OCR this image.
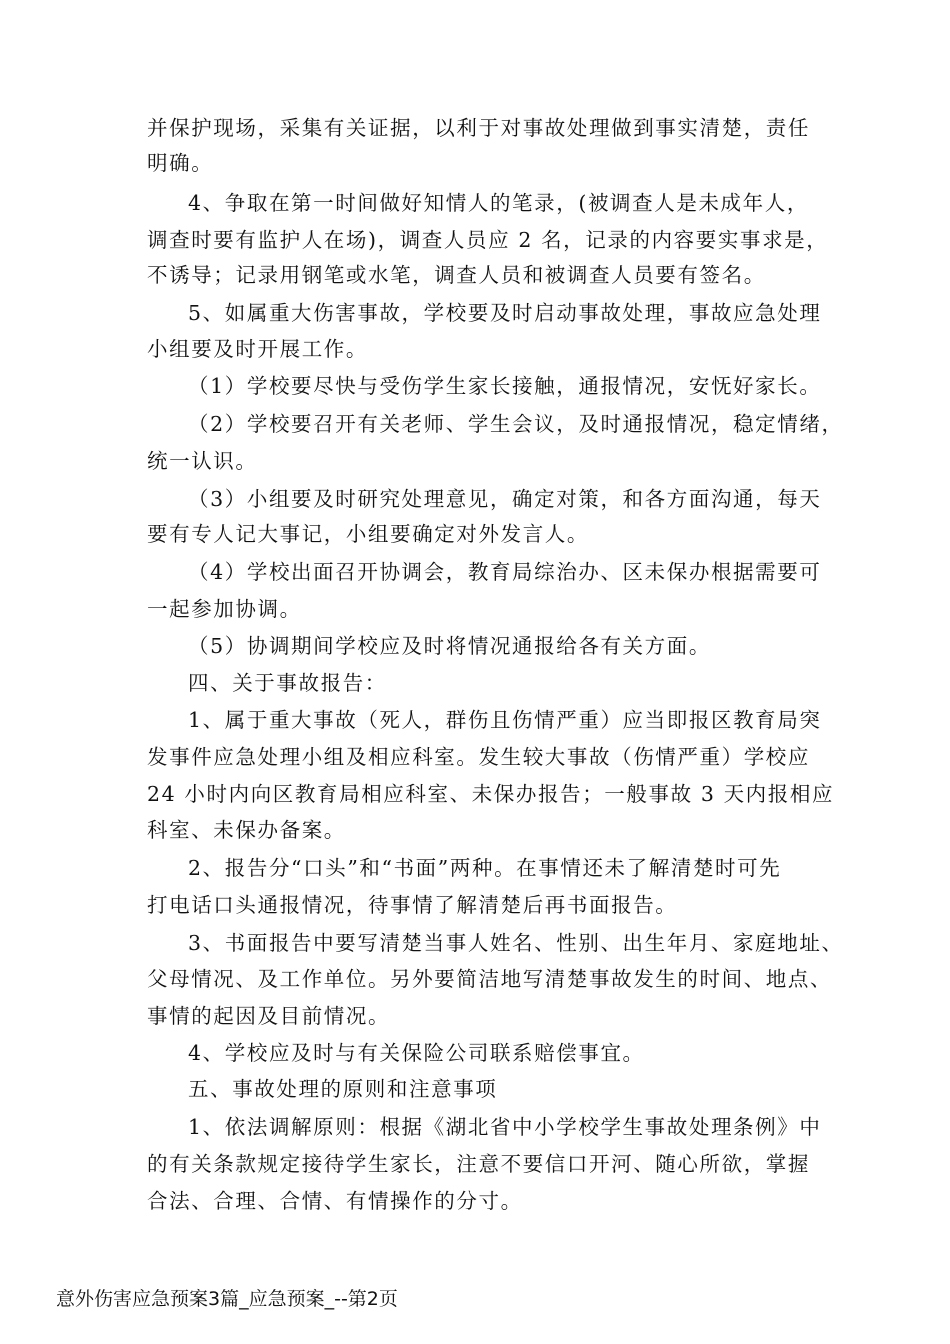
并保护现场，采集有关证据，以利于对事故处理做到事实清楚，责任
明确。
4、争取在第一时间做好知情人的笔录，(被调查人是未成年人，
调查时要有监护人在场)，调查人员应 2 名，记录的内容要实事求是，
不诱导；记录用钢笔或水笔，调查人员和被调查人员要有签名。
5、如属重大伤害事故，学校要及时启动事故处理，事故应急处理
小组要及时开展工作。
（1）学校要尽快与受伤学生家长接触，通报情况，安怃好家长。
（2）学校要召开有关老师、学生会议，及时通报情况，稳定情绪，
统一认识。
（3）小组要及时研究处理意见，确定对策，和各方面沟通，每天
要有专人记大事记，小组要确定对外发言人。
（4）学校出面召开协调会，教育局综治办、区未保办根据需要可
一起参加协调。
（5）协调期间学校应及时将情况通报给各有关方面。
四、关于事故报告：
1、属于重大事故（死人，群伤且伤情严重）应当即报区教育局突
发事件应急处理小组及相应科室。发生较大事故（伤情严重）学校应
24 小时内向区教育局相应科室、未保办报告；一般事故 3 天内报相应
科室、未保办备案。
2、报告分“口头”和“书面”两种。在事情还未了解清楚时可先
打电话口头通报情况，待事情了解清楚后再书面报告。
3、书面报告中要写清楚当事人姓名、性别、出生年月、家庭地址、
父母情况、及工作单位。另外要简洁地写清楚事故发生的时间、地点、
事情的起因及目前情况。
4、学校应及时与有关保险公司联系赔偿事宜。
五、事故处理的原则和注意事项
1、依法调解原则：根据《湖北省中小学校学生事故处理条例》中
的有关条款规定接待学生家长，注意不要信口开河、随心所欲，掌握
合法、合理、合情、有情操作的分寸。
意外伤害应急预案3篇_应急预案_--第2页
